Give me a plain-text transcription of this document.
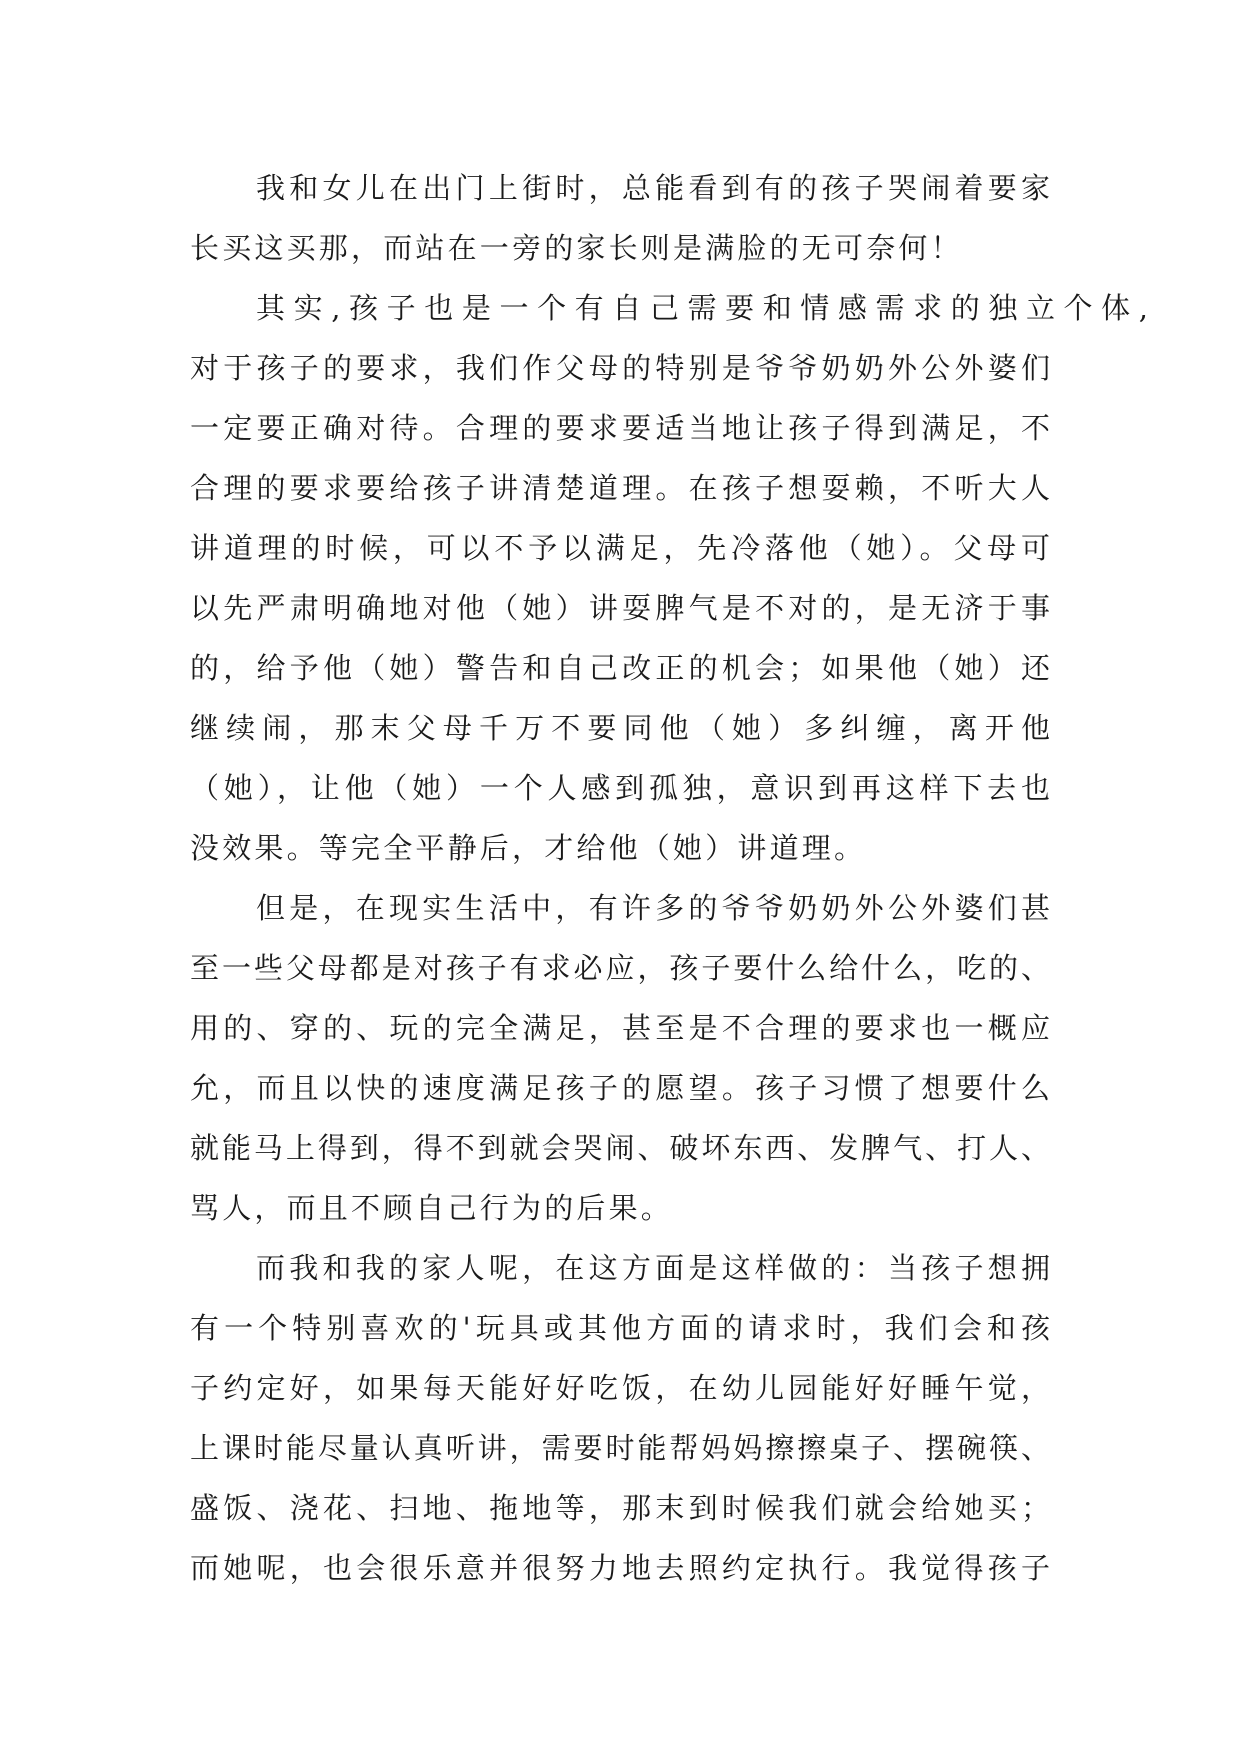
我和女儿在出门上街时，总能看到有的孩子哭闹着要家
长买这买那，而站在一旁的家长则是满脸的无可奈何！
其实,孩子也是一个有自己需要和情感需求的独立个体,
对于孩子的要求，我们作父母的特别是爷爷奶奶外公外婆们
一定要正确对待。合理的要求要适当地让孩子得到满足，不
合理的要求要给孩子讲清楚道理。在孩子想耍赖，不听大人
讲道理的时候，可以不予以满足，先冷落他（她）。父母可
以先严肃明确地对他（她）讲耍脾气是不对的，是无济于事
的，给予他（她）警告和自己改正的机会；如果他（她）还
继续闹，那末父母千万不要同他（她）多纠缠，离开他
（她），让他（她）一个人感到孤独，意识到再这样下去也
没效果。等完全平静后，才给他（她）讲道理。
但是，在现实生活中，有许多的爷爷奶奶外公外婆们甚
至一些父母都是对孩子有求必应，孩子要什么给什么，吃的、
用的、穿的、玩的完全满足，甚至是不合理的要求也一概应
允，而且以快的速度满足孩子的愿望。孩子习惯了想要什么
就能马上得到，得不到就会哭闹、破坏东西、发脾气、打人、
骂人，而且不顾自己行为的后果。
而我和我的家人呢，在这方面是这样做的：当孩子想拥
有一个特别喜欢的'玩具或其他方面的请求时，我们会和孩
子约定好，如果每天能好好吃饭，在幼儿园能好好睡午觉，
上课时能尽量认真听讲，需要时能帮妈妈擦擦桌子、摆碗筷、
盛饭、浇花、扫地、拖地等，那末到时候我们就会给她买；
而她呢，也会很乐意并很努力地去照约定执行。我觉得孩子
